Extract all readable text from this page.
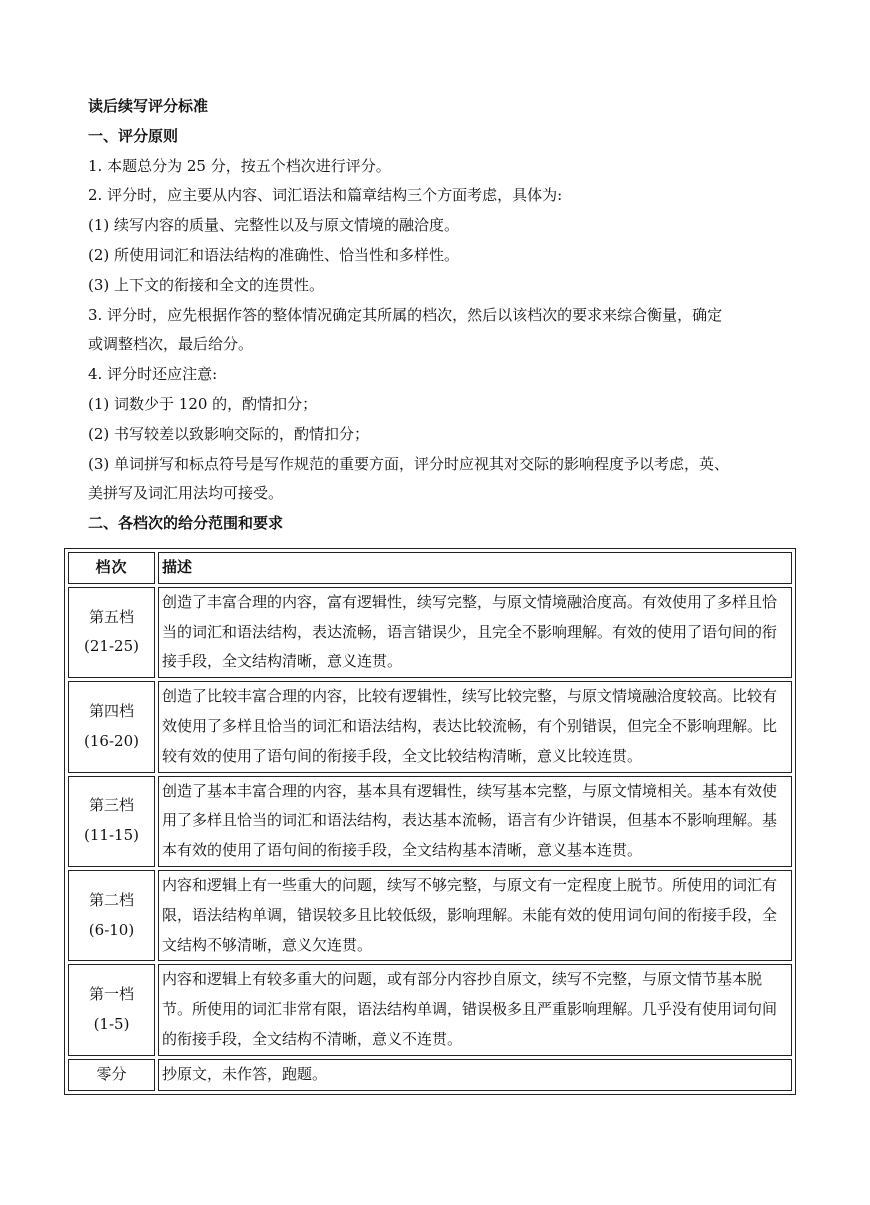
读后续写评分标准
一、评分原则
1. 本题总分为 25 分，按五个档次进行评分。
2. 评分时，应主要从内容、词汇语法和篇章结构三个方面考虑，具体为:
(1) 续写内容的质量、完整性以及与原文情境的融洽度。
(2) 所使用词汇和语法结构的准确性、恰当性和多样性。
(3) 上下文的衔接和全文的连贯性。
3. 评分时，应先根据作答的整体情况确定其所属的档次，然后以该档次的要求来综合衡量，确定
或调整档次，最后给分。
4. 评分时还应注意:
(1) 词数少于 120 的，酌情扣分；
(2) 书写较差以致影响交际的，酌情扣分；
(3) 单词拼写和标点符号是写作规范的重要方面，评分时应视其对交际的影响程度予以考虑，英、
美拼写及词汇用法均可接受。
二、各档次的给分范围和要求
档次	描述

第五档
(21-25)	创造了丰富合理的内容，富有逻辑性，续写完整，与原文情境融洽度高。有效使用了多样且恰当的词汇和语法结构，表达流畅，语言错误少，且完全不影响理解。有效的使用了语句间的衔接手段，全文结构清晰，意义连贯。

第四档
(16-20)	创造了比较丰富合理的内容，比较有逻辑性，续写比较完整，与原文情境融洽度较高。比较有效使用了多样且恰当的词汇和语法结构，表达比较流畅，有个别错误，但完全不影响理解。比较有效的使用了语句间的衔接手段，全文比较结构清晰，意义比较连贯。

第三档
(11-15)	创造了基本丰富合理的内容，基本具有逻辑性，续写基本完整，与原文情境相关。基本有效使用了多样且恰当的词汇和语法结构，表达基本流畅，语言有少许错误，但基本不影响理解。基本有效的使用了语句间的衔接手段，全文结构基本清晰，意义基本连贯。

第二档
(6-10)	内容和逻辑上有一些重大的问题，续写不够完整，与原文有一定程度上脱节。所使用的词汇有限，语法结构单调，错误较多且比较低级，影响理解。未能有效的使用词句间的衔接手段，全文结构不够清晰，意义欠连贯。

第一档
(1-5)	内容和逻辑上有较多重大的问题，或有部分内容抄自原文，续写不完整，与原文情节基本脱节。所使用的词汇非常有限，语法结构单调，错误极多且严重影响理解。几乎没有使用词句间的衔接手段，全文结构不清晰，意义不连贯。

零分	抄原文，未作答，跑题。
